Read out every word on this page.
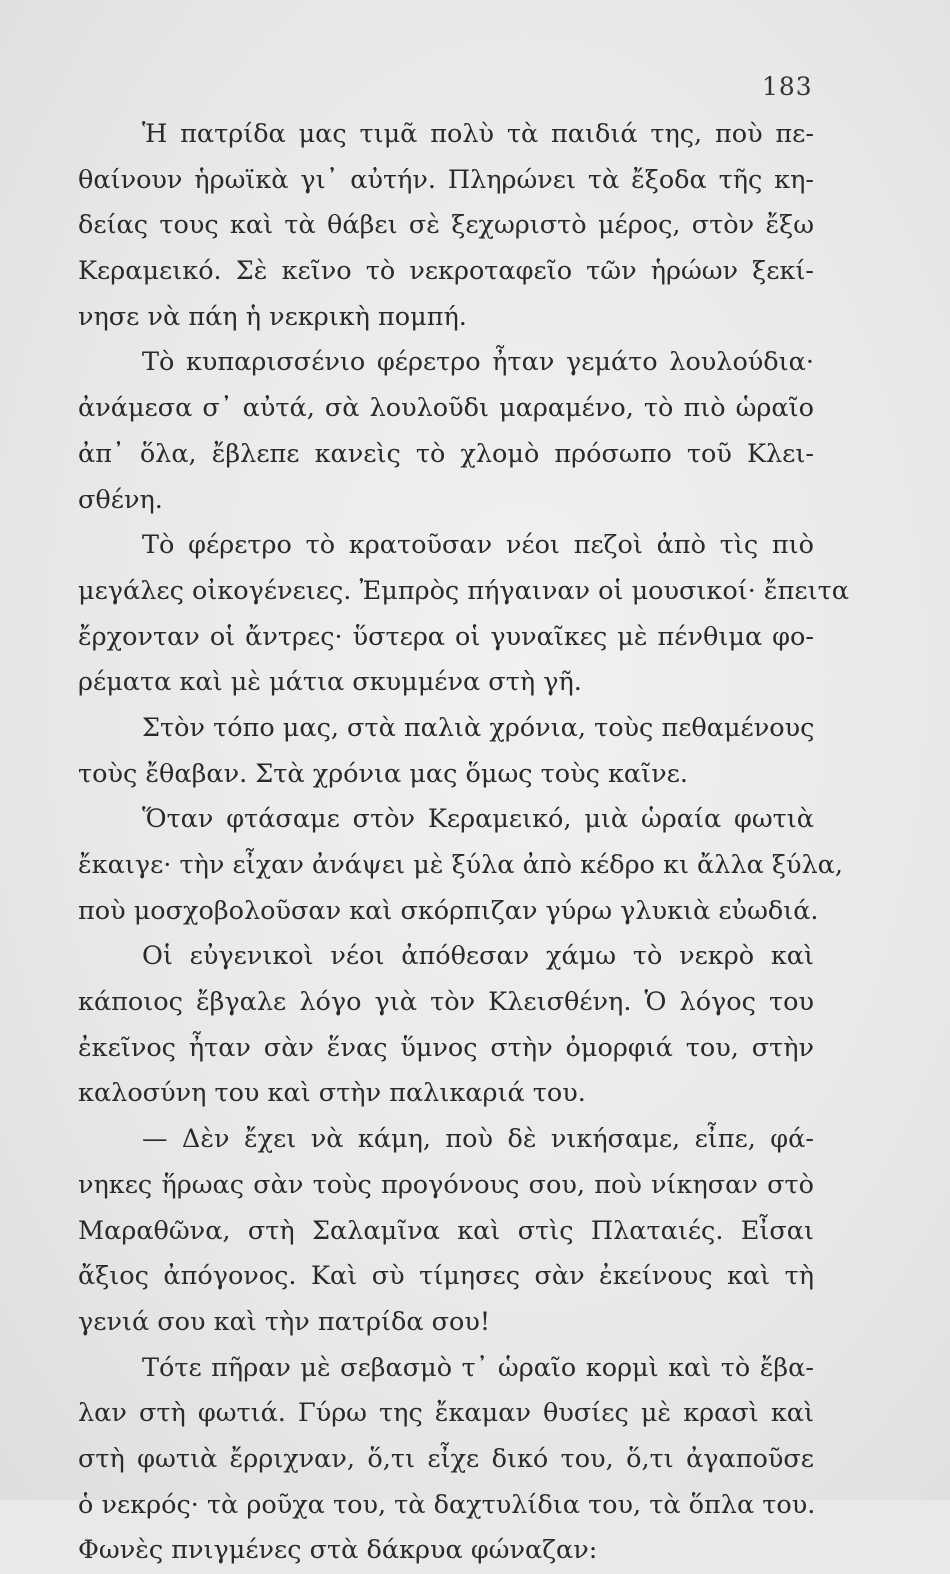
183
Ἡ πατρίδα μας τιμᾶ πολὺ τὰ παιδιά της, ποὺ πε-
θαίνουν ἡρωϊκὰ γι᾿ αὐτήν. Πληρώνει τὰ ἔξοδα τῆς κη-
δείας τους καὶ τὰ θάβει σὲ ξεχωριστὸ μέρος, στὸν ἔξω
Κεραμεικό. Σὲ κεῖνο τὸ νεκροταφεῖο τῶν ἡρώων ξεκί-
νησε νὰ πάη ἡ νεκρικὴ πομπή.
Τὸ κυπαρισσένιο φέρετρο ἦταν γεμάτο λουλούδια·
ἀνάμεσα σ᾿ αὐτά, σὰ λουλοῦδι μαραμένο, τὸ πιὸ ὡραῖο
ἀπ᾿ ὅλα, ἔβλεπε κανεὶς τὸ χλομὸ πρόσωπο τοῦ Κλει-
σθένη.
Τὸ φέρετρο τὸ κρατοῦσαν νέοι πεζοὶ ἀπὸ τὶς πιὸ
μεγάλες οἰκογένειες. Ἐμπρὸς πήγαιναν οἱ μουσικοί· ἔπειτα
ἔρχονταν οἱ ἄντρες· ὕστερα οἱ γυναῖκες μὲ πένθιμα φο-
ρέματα καὶ μὲ μάτια σκυμμένα στὴ γῆ.
Στὸν τόπο μας, στὰ παλιὰ χρόνια, τοὺς πεθαμένους
τοὺς ἔθαβαν. Στὰ χρόνια μας ὅμως τοὺς καῖνε.
Ὅταν φτάσαμε στὸν Κεραμεικό, μιὰ ὡραία φωτιὰ
ἔκαιγε· τὴν εἶχαν ἀνάψει μὲ ξύλα ἀπὸ κέδρο κι ἄλλα ξύλα,
ποὺ μοσχοβολοῦσαν καὶ σκόρπιζαν γύρω γλυκιὰ εὐωδιά.
Οἱ εὐγενικοὶ νέοι ἀπόθεσαν χάμω τὸ νεκρὸ καὶ
κάποιος ἔβγαλε λόγο γιὰ τὸν Κλεισθένη. Ὁ λόγος του
ἐκεῖνος ἦταν σὰν ἕνας ὕμνος στὴν ὀμορφιά του, στὴν
καλοσύνη του καὶ στὴν παλικαριά του.
— Δὲν ἔχει νὰ κάμη, ποὺ δὲ νικήσαμε, εἶπε, φά-
νηκες ἥρωας σὰν τοὺς προγόνους σου, ποὺ νίκησαν στὸ
Μαραθῶνα, στὴ Σαλαμῖνα καὶ στὶς Πλαταιές. Εἶσαι
ἄξιος ἀπόγονος. Καὶ σὺ τίμησες σὰν ἐκείνους καὶ τὴ
γενιά σου καὶ τὴν πατρίδα σου!
Τότε πῆραν μὲ σεβασμὸ τ᾿ ὡραῖο κορμὶ καὶ τὸ ἔβα-
λαν στὴ φωτιά. Γύρω της ἔκαμαν θυσίες μὲ κρασὶ καὶ
στὴ φωτιὰ ἔρριχναν, ὅ,τι εἶχε δικό του, ὅ,τι ἀγαποῦσε
ὁ νεκρός· τὰ ροῦχα του, τὰ δαχτυλίδια του, τὰ ὅπλα του.
Φωνὲς πνιγμένες στὰ δάκρυα φώναζαν:
